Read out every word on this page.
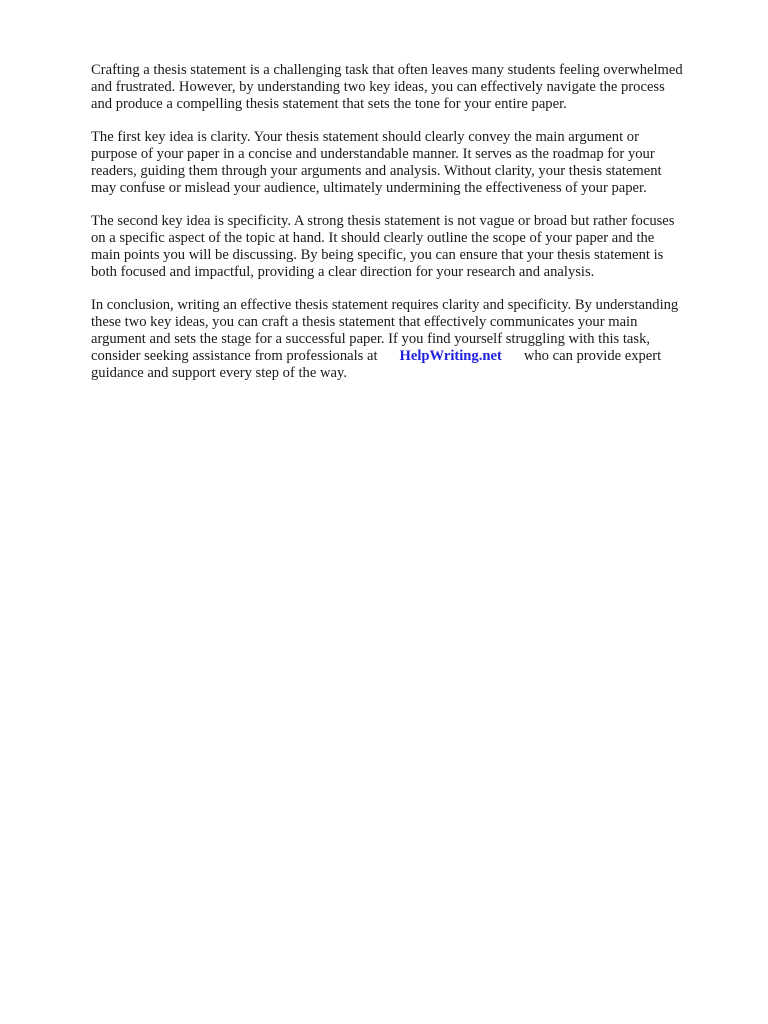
Crafting a thesis statement is a challenging task that often leaves many students feeling overwhelmed
and frustrated. However, by understanding two key ideas, you can effectively navigate the process
and produce a compelling thesis statement that sets the tone for your entire paper.

The first key idea is clarity. Your thesis statement should clearly convey the main argument or
purpose of your paper in a concise and understandable manner. It serves as the roadmap for your
readers, guiding them through your arguments and analysis. Without clarity, your thesis statement
may confuse or mislead your audience, ultimately undermining the effectiveness of your paper.

The second key idea is specificity. A strong thesis statement is not vague or broad but rather focuses
on a specific aspect of the topic at hand. It should clearly outline the scope of your paper and the
main points you will be discussing. By being specific, you can ensure that your thesis statement is
both focused and impactful, providing a clear direction for your research and analysis.

In conclusion, writing an effective thesis statement requires clarity and specificity. By understanding
these two key ideas, you can craft a thesis statement that effectively communicates your main
argument and sets the stage for a successful paper. If you find yourself struggling with this task,
consider seeking assistance from professionals at HelpWriting.net who can provide expert
guidance and support every step of the way.
